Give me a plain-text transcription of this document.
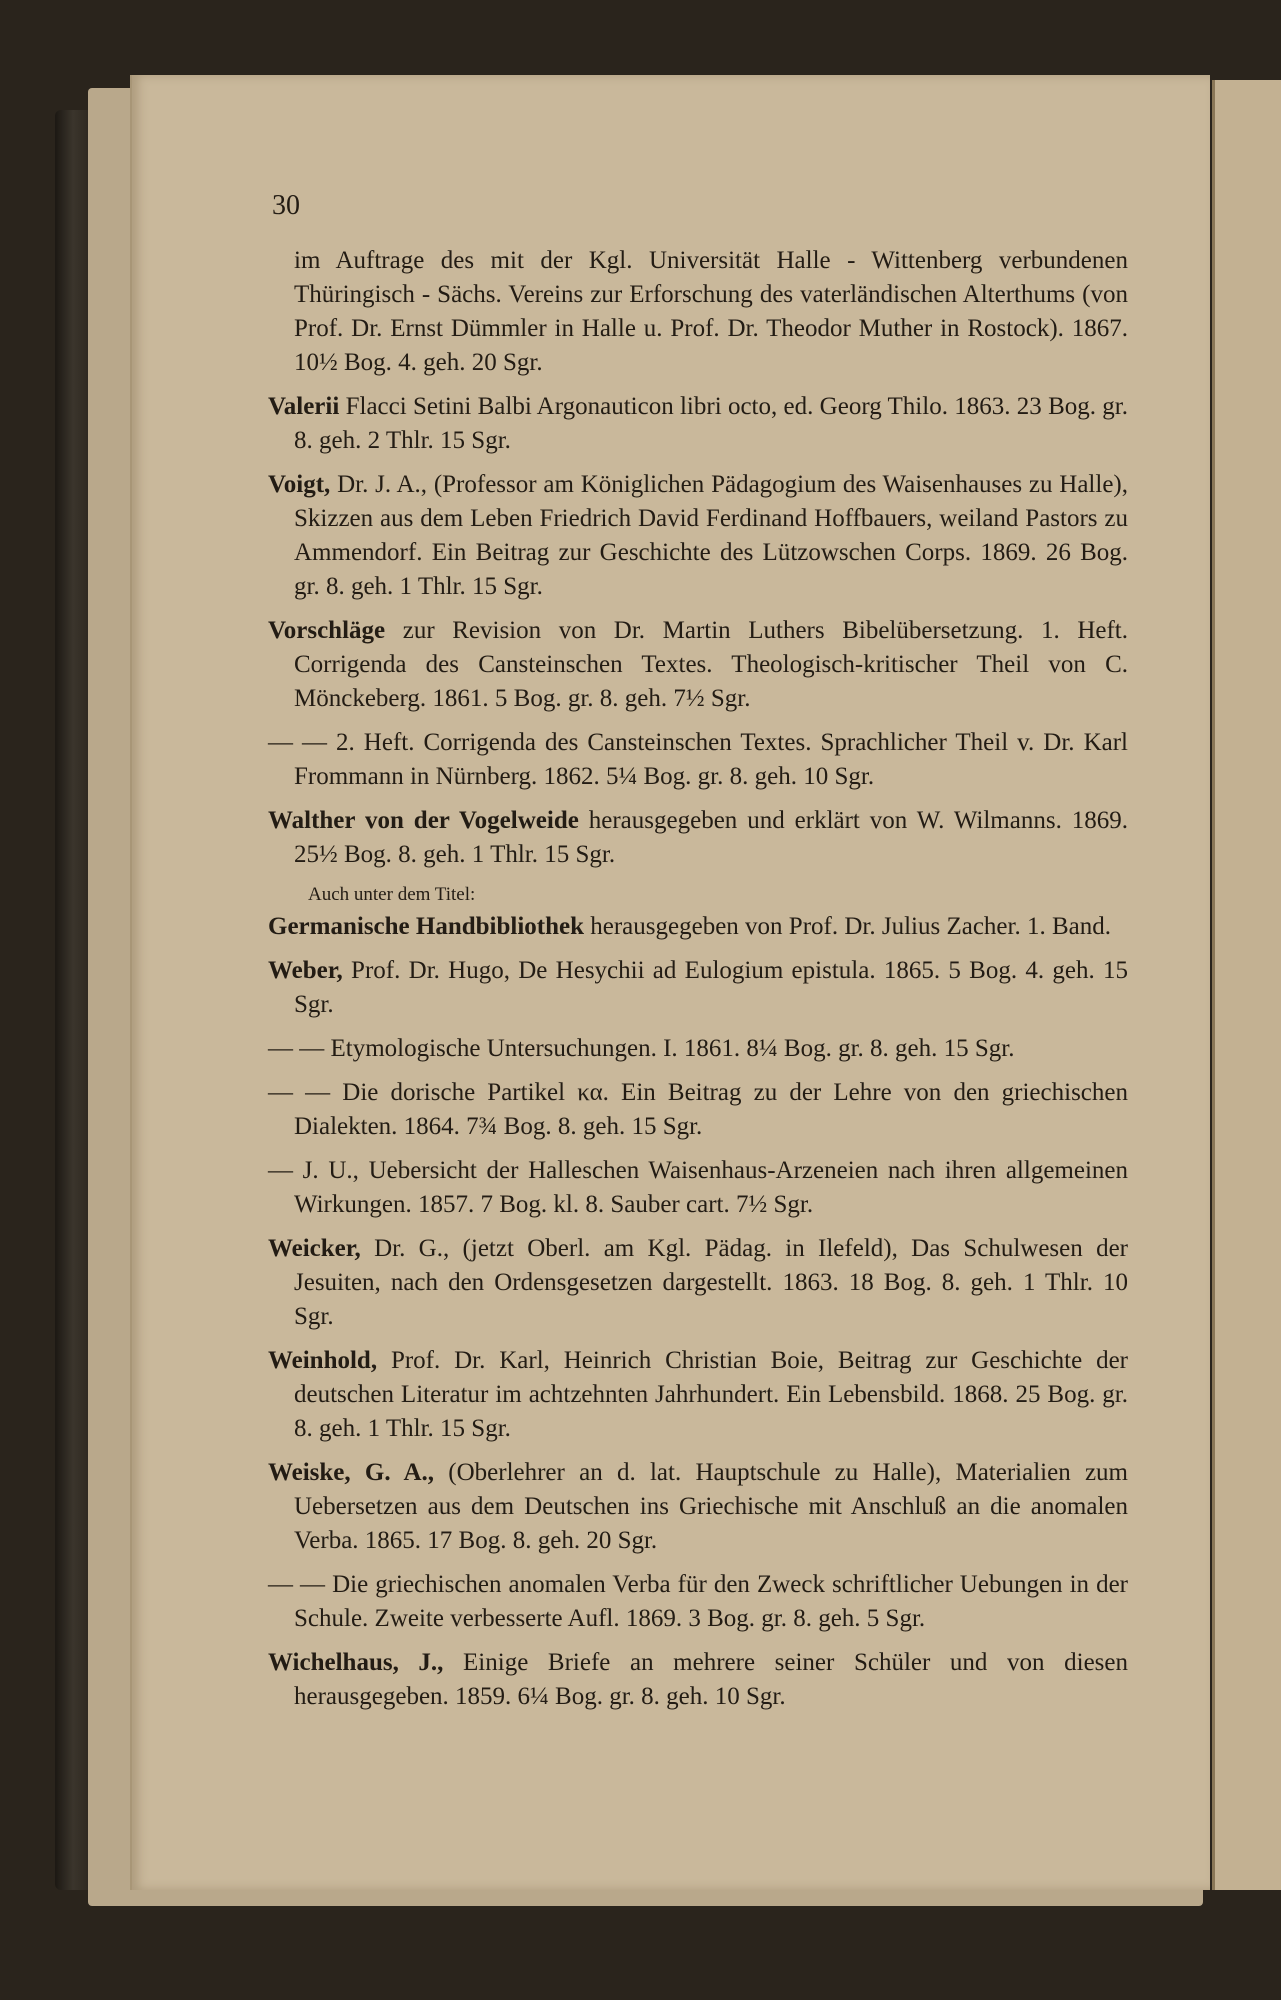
30
im Auftrage des mit der Kgl. Universität Halle - Wittenberg verbundenen Thüringisch - Sächs. Vereins zur Erforschung des vaterländischen Alterthums (von Prof. Dr. Ernst Dümmler in Halle u. Prof. Dr. Theodor Muther in Rostock). 1867. 10½ Bog. 4. geh. 20 Sgr.
Valerii Flacci Setini Balbi Argonauticon libri octo, ed. Georg Thilo. 1863. 23 Bog. gr. 8. geh. 2 Thlr. 15 Sgr.
Voigt, Dr. J. A., (Professor am Königlichen Pädagogium des Waisenhauses zu Halle), Skizzen aus dem Leben Friedrich David Ferdinand Hoffbauers, weiland Pastors zu Ammendorf. Ein Beitrag zur Geschichte des Lützowschen Corps. 1869. 26 Bog. gr. 8. geh. 1 Thlr. 15 Sgr.
Vorschläge zur Revision von Dr. Martin Luthers Bibelübersetzung. 1. Heft. Corrigenda des Cansteinschen Textes. Theologisch-kritischer Theil von C. Mönckeberg. 1861. 5 Bog. gr. 8. geh. 7½ Sgr.
— — 2. Heft. Corrigenda des Cansteinschen Textes. Sprachlicher Theil v. Dr. Karl Frommann in Nürnberg. 1862. 5¼ Bog. gr. 8. geh. 10 Sgr.
Walther von der Vogelweide herausgegeben und erklärt von W. Wilmanns. 1869. 25½ Bog. 8. geh. 1 Thlr. 15 Sgr.
Auch unter dem Titel:
Germanische Handbibliothek herausgegeben von Prof. Dr. Julius Zacher. 1. Band.
Weber, Prof. Dr. Hugo, De Hesychii ad Eulogium epistula. 1865. 5 Bog. 4. geh. 15 Sgr.
— — Etymologische Untersuchungen. I. 1861. 8¼ Bog. gr. 8. geh. 15 Sgr.
— — Die dorische Partikel κα. Ein Beitrag zu der Lehre von den griechischen Dialekten. 1864. 7¾ Bog. 8. geh. 15 Sgr.
— J. U., Uebersicht der Halleschen Waisenhaus-Arzeneien nach ihren allgemeinen Wirkungen. 1857. 7 Bog. kl. 8. Sauber cart. 7½ Sgr.
Weicker, Dr. G., (jetzt Oberl. am Kgl. Pädag. in Ilefeld), Das Schulwesen der Jesuiten, nach den Ordensgesetzen dargestellt. 1863. 18 Bog. 8. geh. 1 Thlr. 10 Sgr.
Weinhold, Prof. Dr. Karl, Heinrich Christian Boie, Beitrag zur Geschichte der deutschen Literatur im achtzehnten Jahrhundert. Ein Lebensbild. 1868. 25 Bog. gr. 8. geh. 1 Thlr. 15 Sgr.
Weiske, G. A., (Oberlehrer an d. lat. Hauptschule zu Halle), Materialien zum Uebersetzen aus dem Deutschen ins Griechische mit Anschluß an die anomalen Verba. 1865. 17 Bog. 8. geh. 20 Sgr.
— — Die griechischen anomalen Verba für den Zweck schriftlicher Uebungen in der Schule. Zweite verbesserte Aufl. 1869. 3 Bog. gr. 8. geh. 5 Sgr.
Wichelhaus, J., Einige Briefe an mehrere seiner Schüler und von diesen herausgegeben. 1859. 6¼ Bog. gr. 8. geh. 10 Sgr.
